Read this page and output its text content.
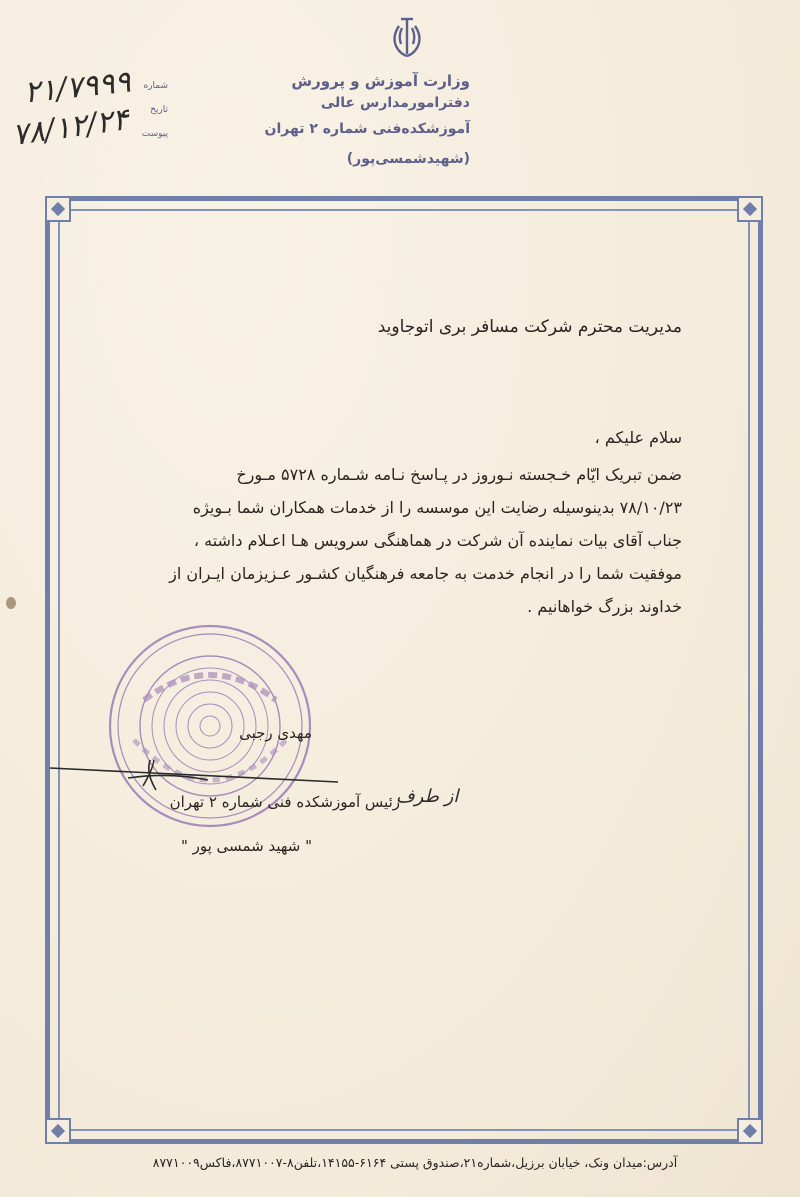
وزارت آموزش و پرورش
دفترامورمدارس عالی
آموزشکده‌فنی شماره ۲ تهران
(شهیدشمسی‌پور)
شماره
تاریخ
پیوست
۲۱/۷۹۹۹
۷۸/۱۲/۲۴
مدیریت محترم شرکت مسافر بری اتوجاوید
سلام علیکم ،
ضمن تبریک ایّام خـجسته نـوروز در پـاسخ نـامه شـماره ۵۷۲۸ مـورخ
۷۸/۱۰/۲۳ بدینوسیله رضایت این موسسه را از خدمات همکاران شما بـویژه
جناب آقای بیات نماینده آن شرکت در هماهنگی سرویس هـا اعـلام داشته ،
موفقیت شما را در انجام خدمت به جامعه فرهنگیان کشـور عـزیزمان ایـران از
خداوند بزرگ خواهانیم .
مهدی رجبی
از طرف
رئیس آموزشکده فنی شماره ۲ تهران
" شهید شمسی پور "
آدرس:میدان ونک، خیابان برزیل،شماره۲۱،صندوق پستی ۶۱۶۴-۱۴۱۵۵،تلفن۸-۸۷۷۱۰۰۷،فاکس۸۷۷۱۰۰۹
